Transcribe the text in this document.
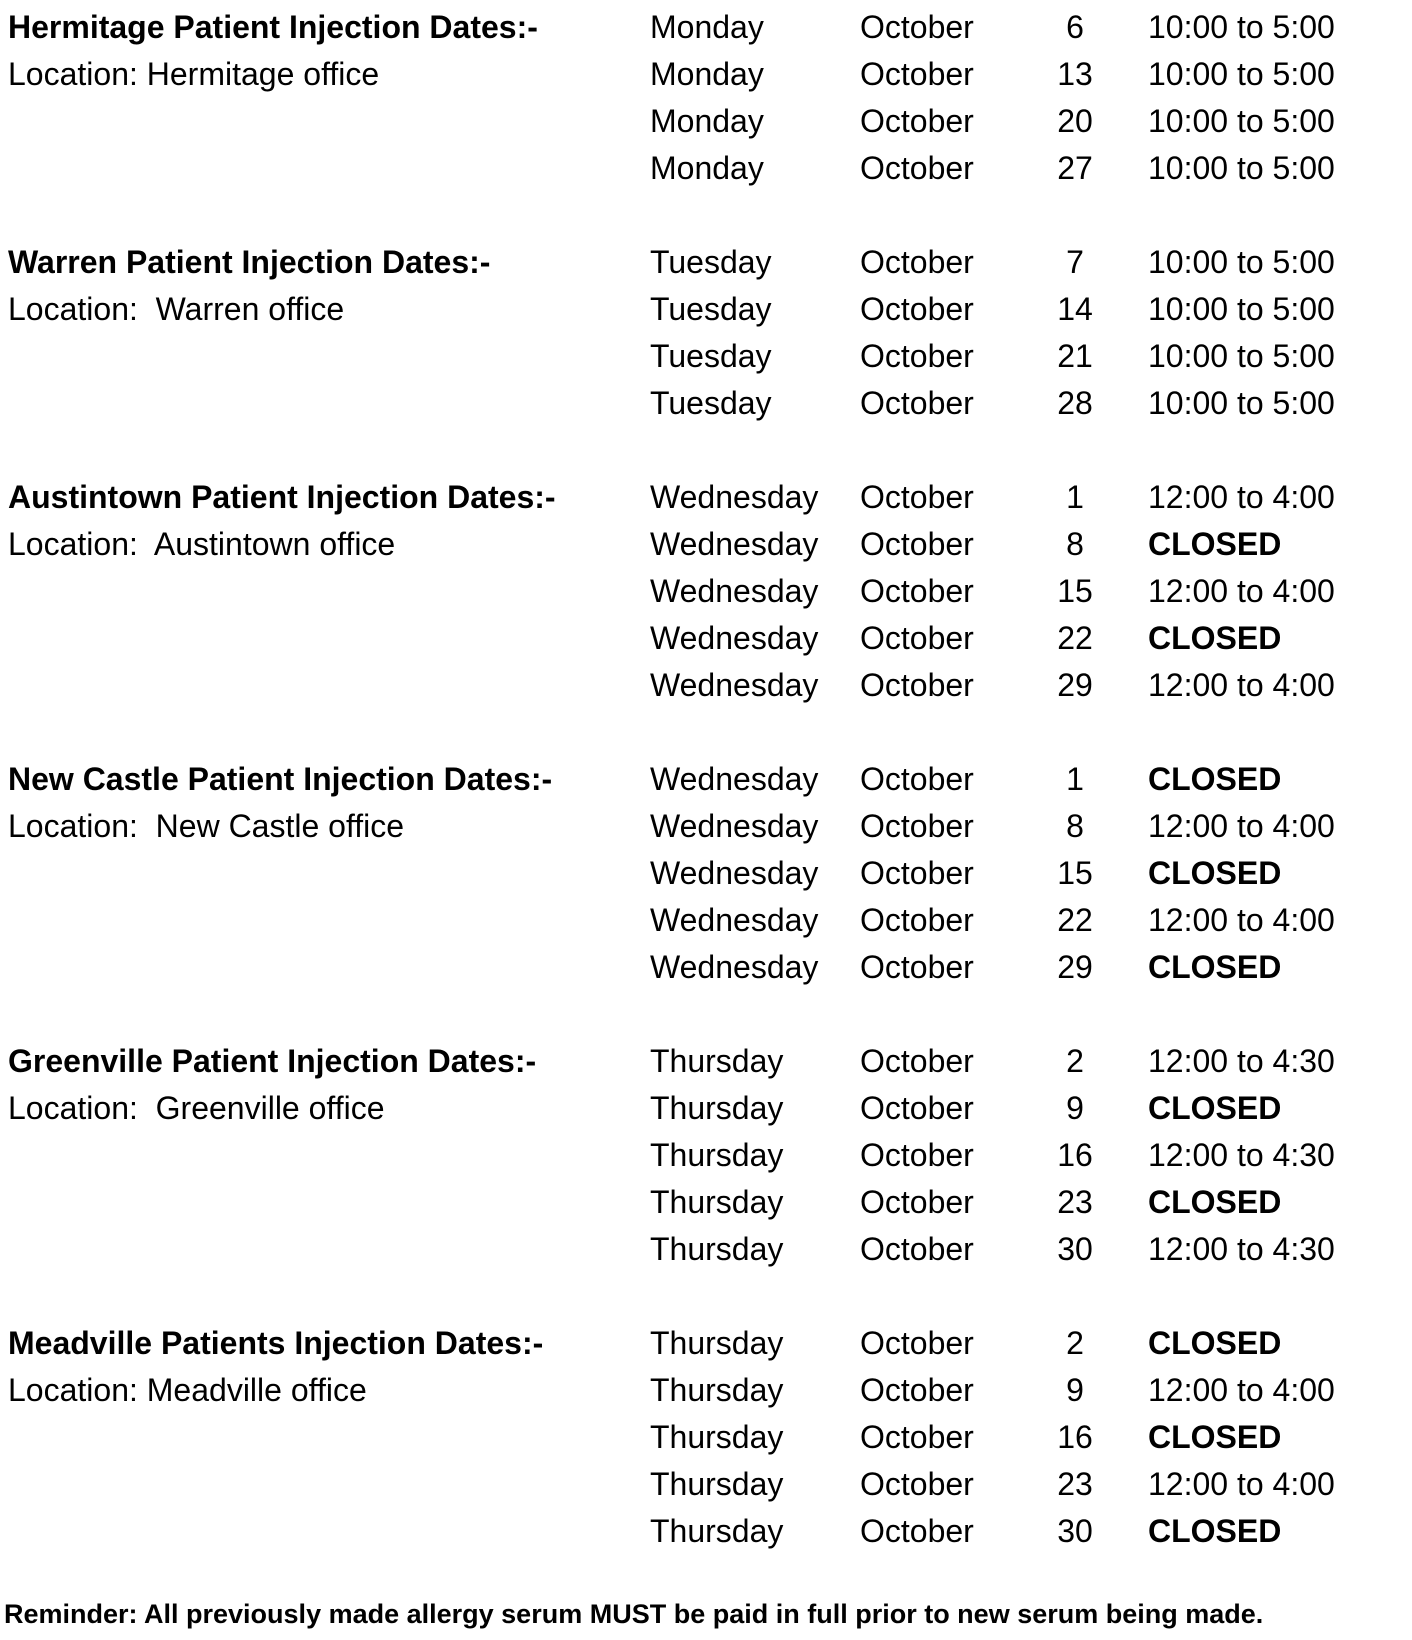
Reminder: All previously made allergy serum MUST be paid in full prior to new serum being made.
Hermitage Patient Injection Dates:-
Location: Hermitage office
Monday	October	6	10:00 to 5:00
Monday	October	13	10:00 to 5:00
Monday	October	20	10:00 to 5:00
Monday	October	27	10:00 to 5:00
Warren Patient Injection Dates:-
Location:  Warren office
Tuesday	October	7	10:00 to 5:00
Tuesday	October	14	10:00 to 5:00
Tuesday	October	21	10:00 to 5:00
Tuesday	October	28	10:00 to 5:00
Austintown Patient Injection Dates:-
Location:  Austintown office
Wednesday October	1	12:00 to 4:00
Wednesday October	8	CLOSED
Wednesday October	15	12:00 to 4:00
Wednesday October	22	CLOSED
Wednesday October	29	12:00 to 4:00
New Castle Patient Injection Dates:-
Location:  New Castle office
Wednesday October	1	CLOSED
Wednesday October	8	12:00 to 4:00
Wednesday October	15	CLOSED
Wednesday October	22	12:00 to 4:00
Wednesday October	29	CLOSED
Greenville Patient Injection Dates:-
Location:  Greenville office
Thursday October	2	12:00 to 4:30
Thursday October	9	CLOSED
Thursday October	16	12:00 to 4:30
Thursday October	23	CLOSED
Thursday October	30	12:00 to 4:30
Meadville Patients Injection Dates:-
Location: Meadville office
Thursday October	2	CLOSED
Thursday October	9	12:00 to 4:00
Thursday October	16	CLOSED
Thursday October	23	12:00 to 4:00
Thursday October	30	CLOSED
